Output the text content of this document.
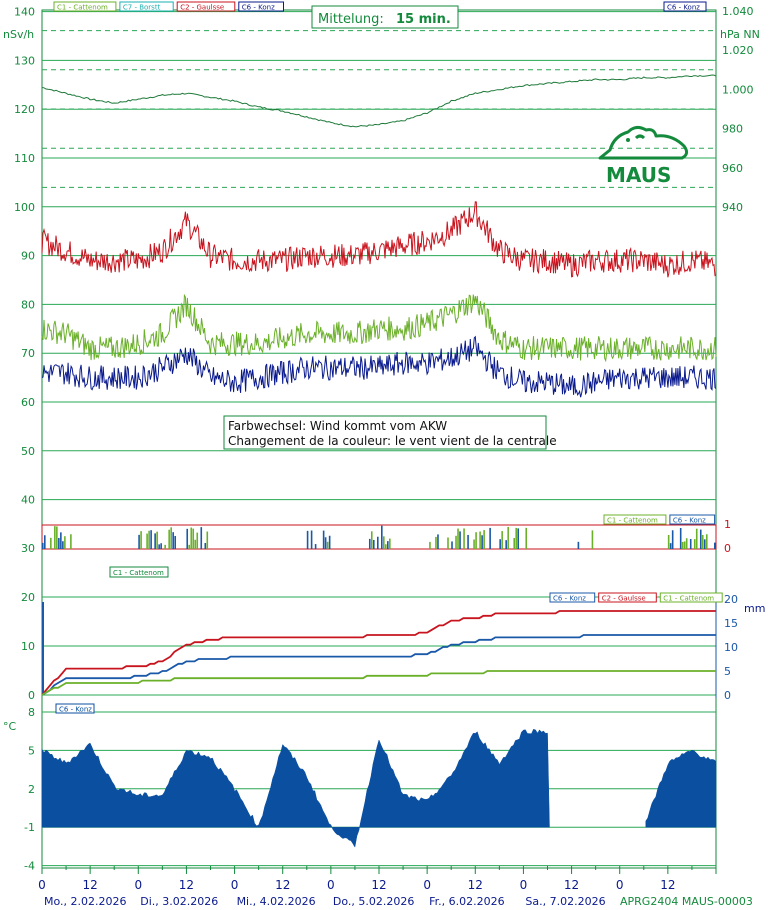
140
130
120
110
100
90
80
70
60
50
40
30
20
10
0
1.040
1.020
1.000
980
960
940
1
0
20
15
10
5
0
8
5
2
-1
-4
0	12	0	12	0	12	0	12	0	12	0	12	0	12
Mo., 2.02.2026 Di., 3.02.2026 Mi., 4.02.2026 Do., 5.02.2026 Fr., 6.02.2026 Sa., 7.02.2026
C1 - Cattenom C7 - Borstt	C2 - Gaulsse	C6 - Konz	C6 - Konz
C1 - Cattenom C6 - Konz
C1 - Cattenom
C6 - Konz C2 - Gaulsse	C1 - Cattenom
C6 - Konz
Mittelung: 15 min.
MAUS
Farbwechsel: Wind kommt vom AKW
Changement de la couleur: le vent vient de la centrale
nSv/h	hPa NN
mm
°C
APRG2404 MAUS-00003
